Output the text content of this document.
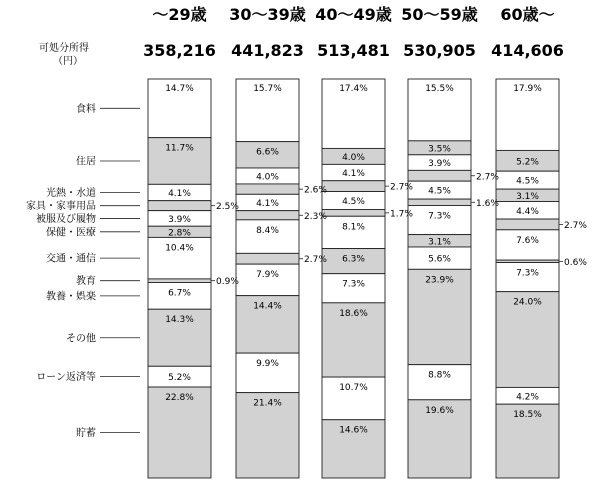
可処分所得
（円）
〜29歳
358,216
30〜39歳
441,823
40〜49歳
513,481
50〜59歳
530,905
60歳〜
414,606
14.7%
11.7%
4.1%
2.5%
3.9%
2.8%
10.4%
0.9%
6.7%
14.3%
5.2%
22.8%
15.7%
6.6%
4.0%
2.6%
4.1%
2.3%
8.4%
2.7%
7.9%
14.4%
9.9%
21.4%
17.4%
4.0%
4.1%
2.7%
4.5%
1.7%
8.1%
6.3%
7.3%
18.6%
10.7%
14.6%
15.5%
3.5%
3.9%
2.7%
4.5%
1.6%
7.3%
3.1%
5.6%
23.9%
8.8%
19.6%
17.9%
5.2%
4.5%
3.1%
4.4%
2.7%
7.6%
0.6%
7.3%
24.0%
4.2%
18.5%
食料
住居
光熱・水道
家具・家事用品
被服及び履物
保健・医療
交通・通信
教育
教養・娯楽
その他
ローン返済等
貯蓄
